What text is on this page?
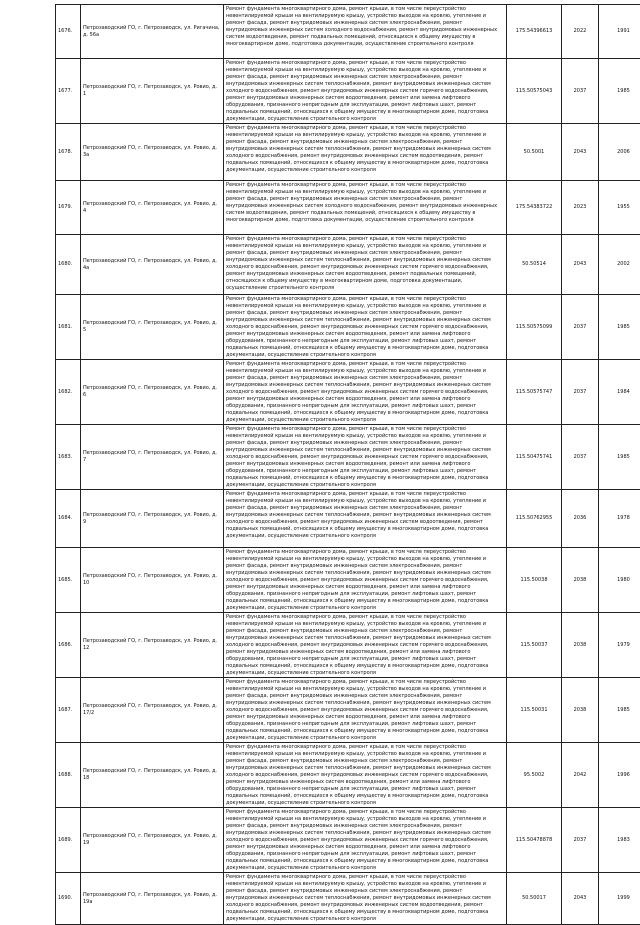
1676.	Петрозаводский ГО, г. Петрозаводск, ул. Ригачина, д. 56а	Ремонт фундамента многоквартирного дома, ремонт крыши, в том числе переустройство невентилируемой крыши на вентилируемую крышу, устройство выходов на кровлю, утепление и ремонт фасада, ремонт внутридомовых инженерных систем электроснабжения, ремонт внутридомовых инженерных систем холодного водоснабжения, ремонт внутридомовых инженерных систем водоотведения, ремонт подвальных помещений, относящихся к общему имуществу в многоквартирном доме, подготовка документации, осуществление строительного контроля	175.54396613	2022	1991
1677.	Петрозаводский ГО, г. Петрозаводск, ул. Ровио, д. 1	Ремонт фундамента многоквартирного дома, ремонт крыши, в том числе переустройство невентилируемой крыши на вентилируемую крышу, устройство выходов на кровлю, утепление и ремонт фасада, ремонт внутридомовых инженерных систем электроснабжения, ремонт внутридомовых инженерных систем теплоснабжения, ремонт внутридомовых инженерных систем холодного водоснабжения, ремонт внутридомовых инженерных систем горячего водоснабжения, ремонт внутридомовых инженерных систем водоотведения, ремонт или замена лифтового оборудования, признанного непригодным для эксплуатации, ремонт лифтовых шахт, ремонт подвальных помещений, относящихся к общему имуществу в многоквартирном доме, подготовка документации, осуществление строительного контроля	115.50575043	2037	1985
1678.	Петрозаводский ГО, г. Петрозаводск, ул. Ровио, д. 3а	Ремонт фундамента многоквартирного дома, ремонт крыши, в том числе переустройство невентилируемой крыши на вентилируемую крышу, устройство выходов на кровлю, утепление и ремонт фасада, ремонт внутридомовых инженерных систем электроснабжения, ремонт внутридомовых инженерных систем теплоснабжения, ремонт внутридомовых инженерных систем холодного водоснабжения, ремонт внутридомовых инженерных систем водоотведения, ремонт подвальных помещений, относящихся к общему имуществу в многоквартирном доме, подготовка документации, осуществление строительного контроля	50.5001	2043	2006
1679.	Петрозаводский ГО, г. Петрозаводск, ул. Ровио, д. 4	Ремонт фундамента многоквартирного дома, ремонт крыши, в том числе переустройство невентилируемой крыши на вентилируемую крышу, устройство выходов на кровлю, утепление и ремонт фасада, ремонт внутридомовых инженерных систем электроснабжения, ремонт внутридомовых инженерных систем холодного водоснабжения, ремонт внутридомовых инженерных систем водоотведения, ремонт подвальных помещений, относящихся к общему имуществу в многоквартирном доме, подготовка документации, осуществление строительного контроля	175.54383722	2023	1955
1680.	Петрозаводский ГО, г. Петрозаводск, ул. Ровио, д. 4а	Ремонт фундамента многоквартирного дома, ремонт крыши, в том числе переустройство невентилируемой крыши на вентилируемую крышу, устройство выходов на кровлю, утепление и ремонт фасада, ремонт внутридомовых инженерных систем электроснабжения, ремонт внутридомовых инженерных систем теплоснабжения, ремонт внутридомовых инженерных систем холодного водоснабжения, ремонт внутридомовых инженерных систем горячего водоснабжения, ремонт внутридомовых инженерных систем водоотведения, ремонт подвальных помещений, относящихся к общему имуществу в многоквартирном доме, подготовка документации, осуществление строительного контроля	50.50514	2043	2002
1681.	Петрозаводский ГО, г. Петрозаводск, ул. Ровио, д. 5	Ремонт фундамента многоквартирного дома, ремонт крыши, в том числе переустройство невентилируемой крыши на вентилируемую крышу, устройство выходов на кровлю, утепление и ремонт фасада, ремонт внутридомовых инженерных систем электроснабжения, ремонт внутридомовых инженерных систем теплоснабжения, ремонт внутридомовых инженерных систем холодного водоснабжения, ремонт внутридомовых инженерных систем горячего водоснабжения, ремонт внутридомовых инженерных систем водоотведения, ремонт или замена лифтового оборудования, признанного непригодным для эксплуатации, ремонт лифтовых шахт, ремонт подвальных помещений, относящихся к общему имуществу в многоквартирном доме, подготовка документации, осуществление строительного контроля	115.50575099	2037	1985
1682.	Петрозаводский ГО, г. Петрозаводск, ул. Ровио, д. 6	Ремонт фундамента многоквартирного дома, ремонт крыши, в том числе переустройство невентилируемой крыши на вентилируемую крышу, устройство выходов на кровлю, утепление и ремонт фасада, ремонт внутридомовых инженерных систем электроснабжения, ремонт внутридомовых инженерных систем теплоснабжения, ремонт внутридомовых инженерных систем холодного водоснабжения, ремонт внутридомовых инженерных систем горячего водоснабжения, ремонт внутридомовых инженерных систем водоотведения, ремонт или замена лифтового оборудования, признанного непригодным для эксплуатации, ремонт лифтовых шахт, ремонт подвальных помещений, относящихся к общему имуществу в многоквартирном доме, подготовка документации, осуществление строительного контроля	115.50575747	2037	1984
1683.	Петрозаводский ГО, г. Петрозаводск, ул. Ровио, д. 7	Ремонт фундамента многоквартирного дома, ремонт крыши, в том числе переустройство невентилируемой крыши на вентилируемую крышу, устройство выходов на кровлю, утепление и ремонт фасада, ремонт внутридомовых инженерных систем электроснабжения, ремонт внутридомовых инженерных систем теплоснабжения, ремонт внутридомовых инженерных систем холодного водоснабжения, ремонт внутридомовых инженерных систем горячего водоснабжения, ремонт внутридомовых инженерных систем водоотведения, ремонт или замена лифтового оборудования, признанного непригодным для эксплуатации, ремонт лифтовых шахт, ремонт подвальных помещений, относящихся к общему имуществу в многоквартирном доме, подготовка документации, осуществление строительного контроля	115.50475741	2037	1985
1684.	Петрозаводский ГО, г. Петрозаводск, ул. Ровио, д. 9	Ремонт фундамента многоквартирного дома, ремонт крыши, в том числе переустройство невентилируемой крыши на вентилируемую крышу, устройство выходов на кровлю, утепление и ремонт фасада, ремонт внутридомовых инженерных систем электроснабжения, ремонт внутридомовых инженерных систем теплоснабжения, ремонт внутридомовых инженерных систем холодного водоснабжения, ремонт внутридомовых инженерных систем водоотведения, ремонт подвальных помещений, относящихся к общему имуществу в многоквартирном доме, подготовка документации, осуществление строительного контроля	115.50762955	2036	1978
1685.	Петрозаводский ГО, г. Петрозаводск, ул. Ровио, д. 10	Ремонт фундамента многоквартирного дома, ремонт крыши, в том числе переустройство невентилируемой крыши на вентилируемую крышу, устройство выходов на кровлю, утепление и ремонт фасада, ремонт внутридомовых инженерных систем электроснабжения, ремонт внутридомовых инженерных систем теплоснабжения, ремонт внутридомовых инженерных систем холодного водоснабжения, ремонт внутридомовых инженерных систем горячего водоснабжения, ремонт внутридомовых инженерных систем водоотведения, ремонт или замена лифтового оборудования, признанного непригодным для эксплуатации, ремонт лифтовых шахт, ремонт подвальных помещений, относящихся к общему имуществу в многоквартирном доме, подготовка документации, осуществление строительного контроля	115.50038	2038	1980
1686.	Петрозаводский ГО, г. Петрозаводск, ул. Ровио, д. 12	Ремонт фундамента многоквартирного дома, ремонт крыши, в том числе переустройство невентилируемой крыши на вентилируемую крышу, устройство выходов на кровлю, утепление и ремонт фасада, ремонт внутридомовых инженерных систем электроснабжения, ремонт внутридомовых инженерных систем теплоснабжения, ремонт внутридомовых инженерных систем холодного водоснабжения, ремонт внутридомовых инженерных систем горячего водоснабжения, ремонт внутридомовых инженерных систем водоотведения, ремонт или замена лифтового оборудования, признанного непригодным для эксплуатации, ремонт лифтовых шахт, ремонт подвальных помещений, относящихся к общему имуществу в многоквартирном доме, подготовка документации, осуществление строительного контроля	115.50037	2038	1979
1687.	Петрозаводский ГО, г. Петрозаводск, ул. Ровио, д. 17/2	Ремонт фундамента многоквартирного дома, ремонт крыши, в том числе переустройство невентилируемой крыши на вентилируемую крышу, устройство выходов на кровлю, утепление и ремонт фасада, ремонт внутридомовых инженерных систем электроснабжения, ремонт внутридомовых инженерных систем теплоснабжения, ремонт внутридомовых инженерных систем холодного водоснабжения, ремонт внутридомовых инженерных систем горячего водоснабжения, ремонт внутридомовых инженерных систем водоотведения, ремонт или замена лифтового оборудования, признанного непригодным для эксплуатации, ремонт лифтовых шахт, ремонт подвальных помещений, относящихся к общему имуществу в многоквартирном доме, подготовка документации, осуществление строительного контроля	115.50031	2038	1985
1688.	Петрозаводский ГО, г. Петрозаводск, ул. Ровио, д. 18	Ремонт фундамента многоквартирного дома, ремонт крыши, в том числе переустройство невентилируемой крыши на вентилируемую крышу, устройство выходов на кровлю, утепление и ремонт фасада, ремонт внутридомовых инженерных систем электроснабжения, ремонт внутридомовых инженерных систем теплоснабжения, ремонт внутридомовых инженерных систем холодного водоснабжения, ремонт внутридомовых инженерных систем горячего водоснабжения, ремонт внутридомовых инженерных систем водоотведения, ремонт или замена лифтового оборудования, признанного непригодным для эксплуатации, ремонт лифтовых шахт, ремонт подвальных помещений, относящихся к общему имуществу в многоквартирном доме, подготовка документации, осуществление строительного контроля	95.5002	2042	1996
1689.	Петрозаводский ГО, г. Петрозаводск, ул. Ровио, д. 19	Ремонт фундамента многоквартирного дома, ремонт крыши, в том числе переустройство невентилируемой крыши на вентилируемую крышу, устройство выходов на кровлю, утепление и ремонт фасада, ремонт внутридомовых инженерных систем электроснабжения, ремонт внутридомовых инженерных систем теплоснабжения, ремонт внутридомовых инженерных систем холодного водоснабжения, ремонт внутридомовых инженерных систем горячего водоснабжения, ремонт внутридомовых инженерных систем водоотведения, ремонт или замена лифтового оборудования, признанного непригодным для эксплуатации, ремонт лифтовых шахт, ремонт подвальных помещений, относящихся к общему имуществу в многоквартирном доме, подготовка документации, осуществление строительного контроля	115.50478878	2037	1983
1690.	Петрозаводский ГО, г. Петрозаводск, ул. Ровио, д. 19а	Ремонт фундамента многоквартирного дома, ремонт крыши, в том числе переустройство невентилируемой крыши на вентилируемую крышу, устройство выходов на кровлю, утепление и ремонт фасада, ремонт внутридомовых инженерных систем электроснабжения, ремонт внутридомовых инженерных систем теплоснабжения, ремонт внутридомовых инженерных систем холодного водоснабжения, ремонт внутридомовых инженерных систем водоотведения, ремонт подвальных помещений, относящихся к общему имуществу в многоквартирном доме, подготовка документации, осуществление строительного контроля	50.50017	2043	1999
